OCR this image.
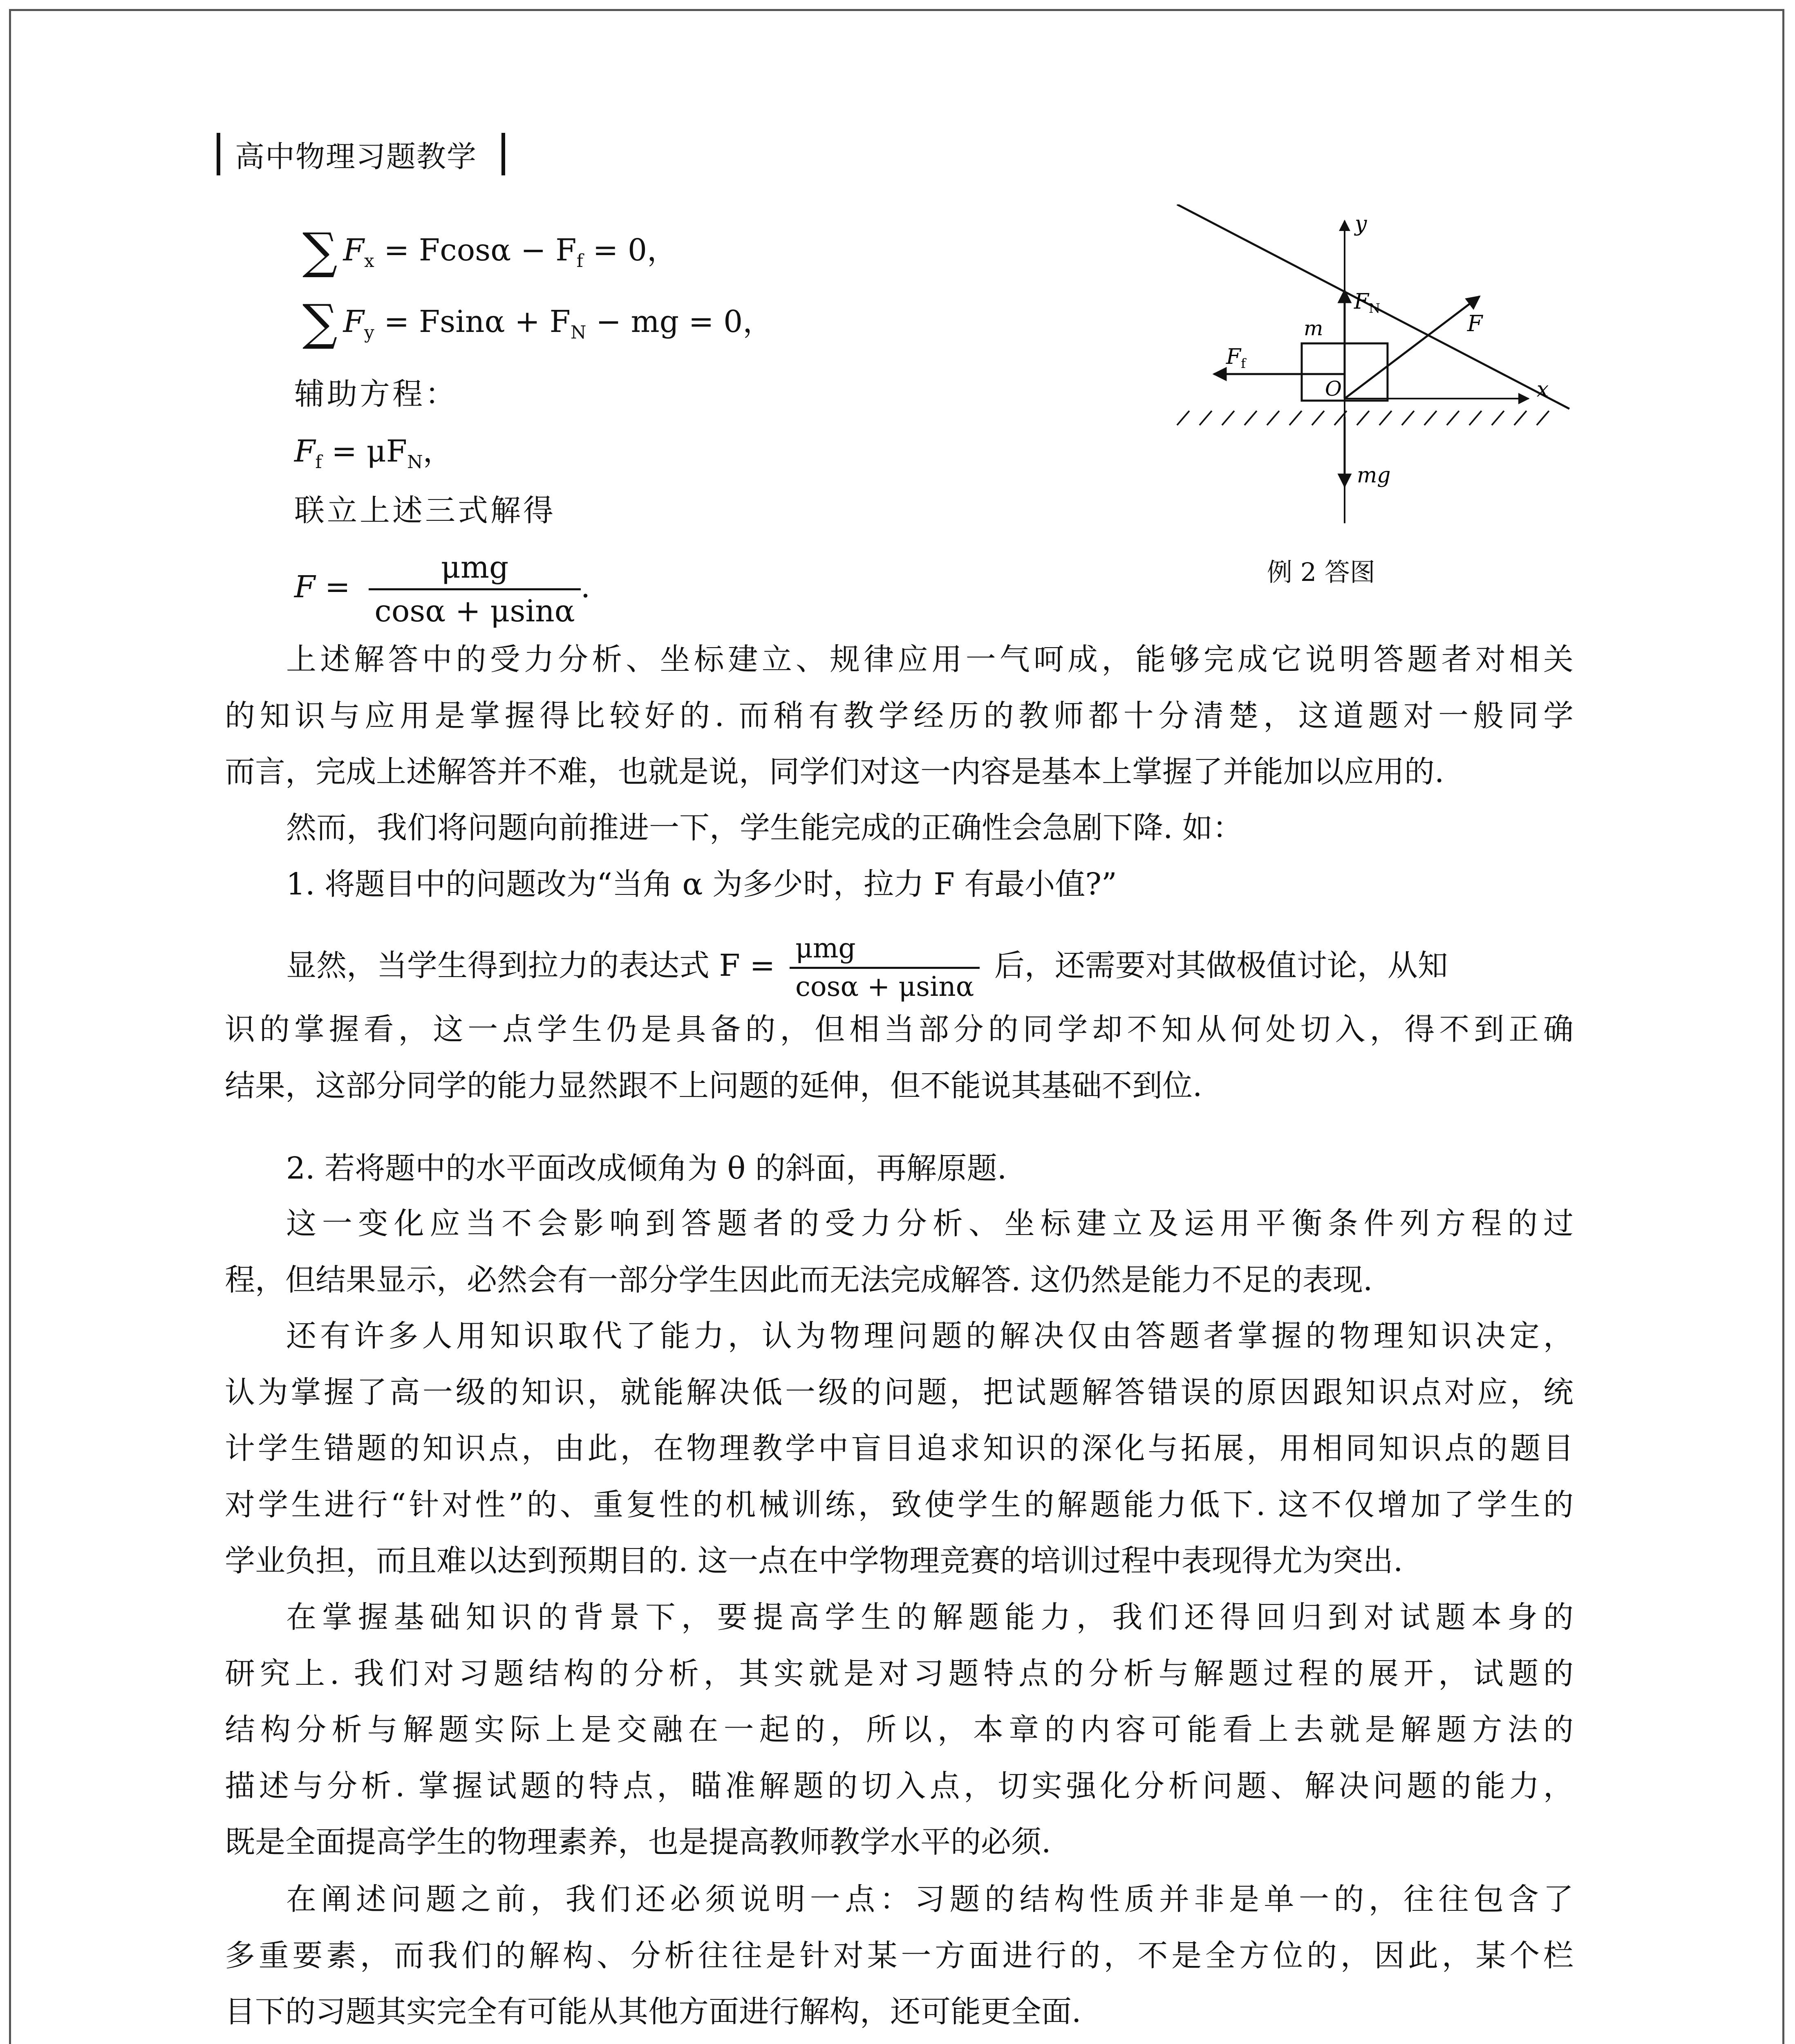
高中物理习题教学
∑ $F_x = Fcos\alpha - F_f = 0$，
∑ $F_y = Fsin\alpha + F_N$ − mg = 0，
辅助方程：
$F_f = \mu F_N$，
联立上述三式解得
$F = \frac{\text{μmg}}{\cos\alpha + \mu\sin\alpha}$ .
y
x
O
m
FN
F
Ff
mg
例 2 答图
上述解答中的受力分析、坐标建立、规律应用一气呵成，能够完成它说明答题者对相关
的知识与应用是掌握得比较好的. 而稍有教学经历的教师都十分清楚，这道题对一般同学
而言，完成上述解答并不难，也就是说，同学们对这一内容是基本上掌握了并能加以应用的.
然而，我们将问题向前推进一下，学生能完成的正确性会急剧下降. 如：
1. 将题目中的问题改为“当角 α 为多少时，拉力 F 有最小值?”
显然，当学生得到拉力的表达式 $F = \frac{\text{μmg}}{\cos\alpha + \mu\sin\alpha}$ 后，还需要对其做极值讨论，从知
识的掌握看，这一点学生仍是具备的，但相当部分的同学却不知从何处切入，得不到正确
结果，这部分同学的能力显然跟不上问题的延伸，但不能说其基础不到位.
2. 若将题中的水平面改成倾角为 θ 的斜面，再解原题.
这一变化应当不会影响到答题者的受力分析、坐标建立及运用平衡条件列方程的过
程，但结果显示，必然会有一部分学生因此而无法完成解答. 这仍然是能力不足的表现.
还有许多人用知识取代了能力，认为物理问题的解决仅由答题者掌握的物理知识决定，
认为掌握了高一级的知识，就能解决低一级的问题，把试题解答错误的原因跟知识点对应，统
计学生错题的知识点，由此，在物理教学中盲目追求知识的深化与拓展，用相同知识点的题目
对学生进行“针对性”的、重复性的机械训练，致使学生的解题能力低下. 这不仅增加了学生的
学业负担，而且难以达到预期目的. 这一点在中学物理竞赛的培训过程中表现得尤为突出.
在掌握基础知识的背景下，要提高学生的解题能力，我们还得回归到对试题本身的
研究上. 我们对习题结构的分析，其实就是对习题特点的分析与解题过程的展开，试题的
结构分析与解题实际上是交融在一起的，所以，本章的内容可能看上去就是解题方法的
描述与分析. 掌握试题的特点，瞄准解题的切入点，切实强化分析问题、解决问题的能力，
既是全面提高学生的物理素养，也是提高教师教学水平的必须.
在阐述问题之前，我们还必须说明一点：习题的结构性质并非是单一的，往往包含了
多重要素，而我们的解构、分析往往是针对某一方面进行的，不是全方位的，因此，某个栏
目下的习题其实完全有可能从其他方面进行解构，还可能更全面.
